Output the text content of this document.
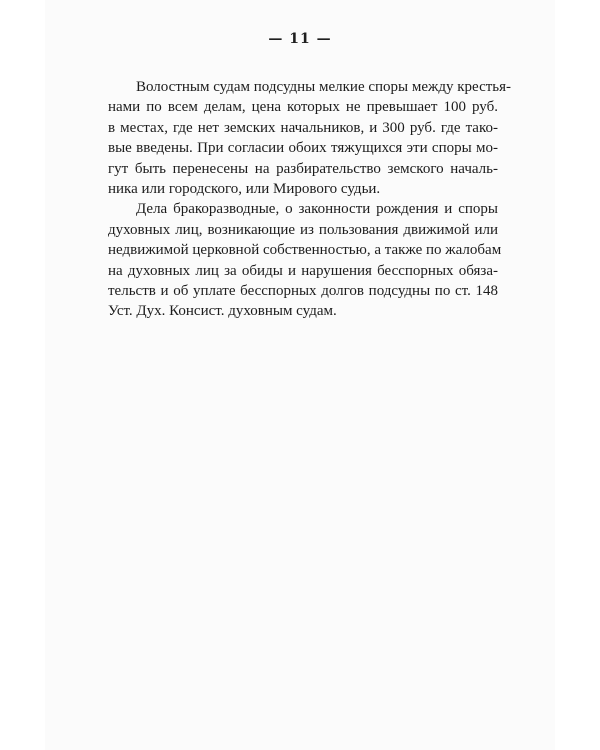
— 11 —
Волостным судам подсудны мелкие споры между крестья-
нами по всем делам, цена которых не превышает 100 руб.
в местах, где нет земских начальников, и 300 руб. где тако-
вые введены. При согласии обоих тяжущихся эти споры мо-
гут быть перенесены на разбирательство земского началь-
ника или городского, или Мирового судьи.
Дела бракоразводные, о законности рождения и споры
духовных лиц, возникающие из пользования движимой или
недвижимой церковной собственностью, а также по жалобам
на духовных лиц за обиды и нарушения бесспорных обяза-
тельств и об уплате бесспорных долгов подсудны по ст. 148
Уст. Дух. Консист. духовным судам.
